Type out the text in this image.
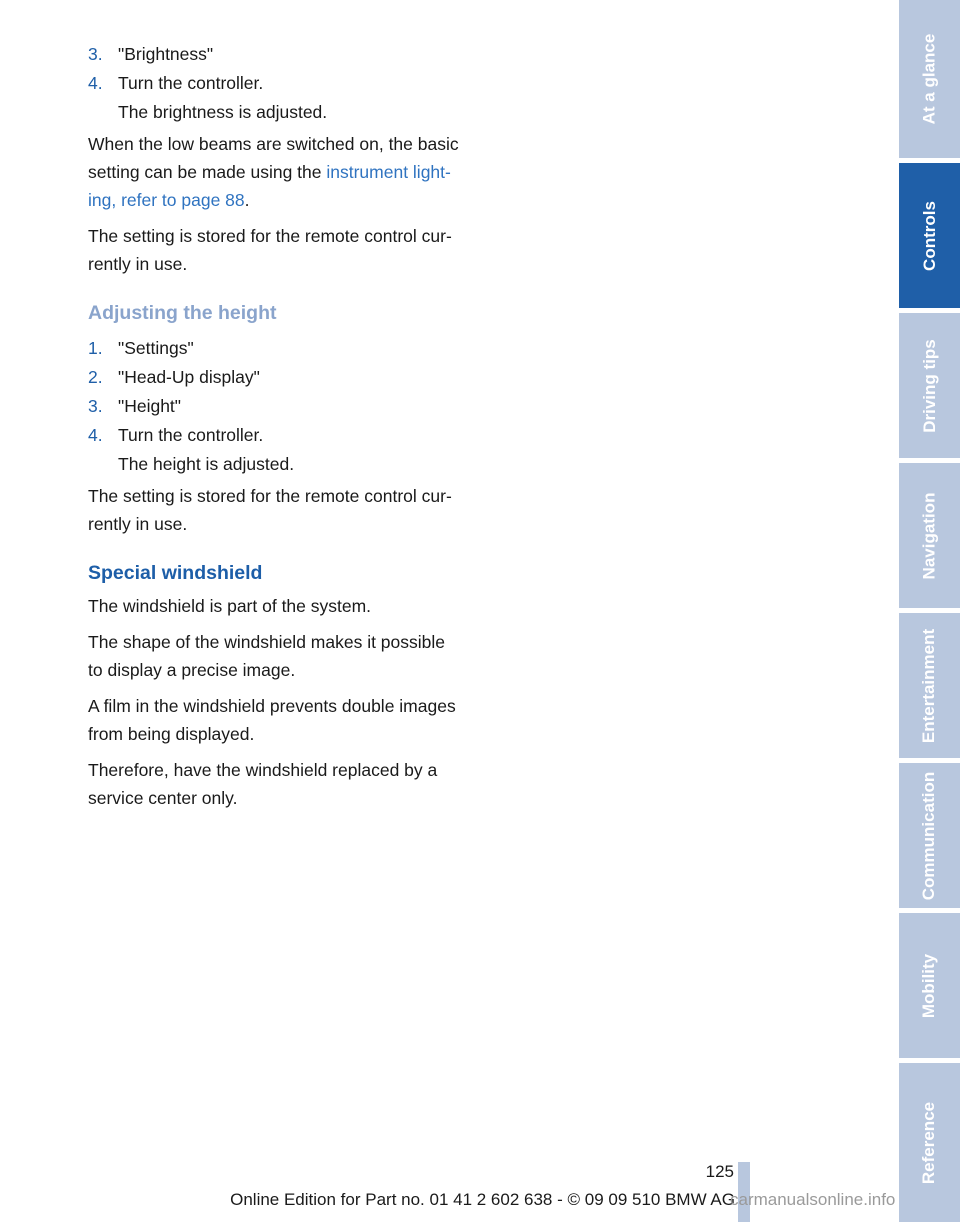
3. "Brightness"
4. Turn the controller.
The brightness is adjusted.

When the low beams are switched on, the basic setting can be made using the instrument light‐ ing, refer to page 88.

The setting is stored for the remote control cur‐ rently in use.

Adjusting the height
1. "Settings"
2. "Head-Up display"
3. "Height"
4. Turn the controller.
The height is adjusted.

The setting is stored for the remote control cur‐ rently in use.

Special windshield

The windshield is part of the system.

The shape of the windshield makes it possible to display a precise image.

A film in the windshield prevents double images from being displayed.

Therefore, have the windshield replaced by a service center only.

At a glance
Controls
Driving tips
Navigation
Entertainment
Communication
Mobility
Reference
125
Online Edition for Part no. 01 41 2 602 638 - © 09 09 510 BMW AG
carmanualsonline.info
